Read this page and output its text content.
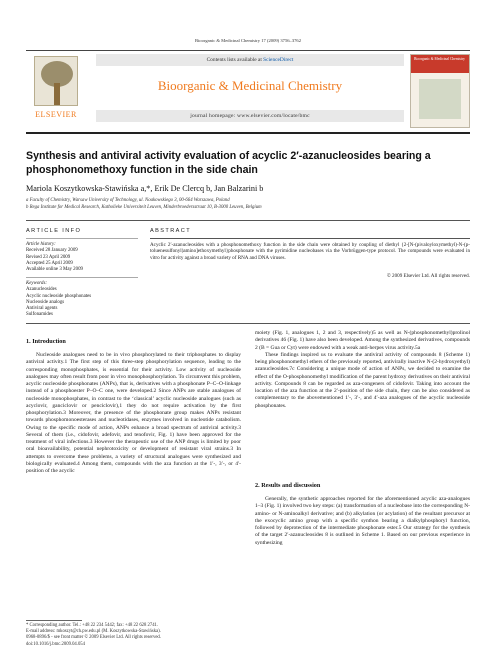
Bioorganic & Medicinal Chemistry 17 (2009) 3756–3762
ELSEVIER
Contents lists available at ScienceDirect
Bioorganic & Medicinal Chemistry
journal homepage: www.elsevier.com/locate/bmc
Bioorganic & Medicinal Chemistry
Synthesis and antiviral activity evaluation of acyclic 2′-azanucleosides bearing a phosphonomethoxy function in the side chain
Mariola Koszytkowska-Stawińska a,*, Erik De Clercq b, Jan Balzarini b
a Faculty of Chemistry, Warsaw University of Technology, ul. Noakowskiego 3, 00-664 Warszawa, Poland
b Rega Institute for Medical Research, Katholieke Universiteit Leuven, Minderbroedersstraat 10, B-3000 Leuven, Belgium
ARTICLE INFO	ABSTRACT
Article history:
Received 28 January 2009
Revised 23 April 2009
Accepted 25 April 2009
Available online 3 May 2009
Keywords:
Azanucleosides
Acyclic nucleoside phosphonates
Nucleoside analogs
Antiviral agents
Sulfonamides
Acyclic 2′-azanucleosides with a phosphonomethoxy function in the side chain were obtained by coupling of diethyl {2-[N-(pivaloyloxymethyl)-N-(p-toluenesulfonyl)amino]ethoxymethyl}phosphonate with the pyrimidine nucleobases via the Vorbrüggen-type protocol. The compounds were evaluated in vitro for activity against a broad variety of RNA and DNA viruses.
© 2009 Elsevier Ltd. All rights reserved.
1. Introduction

Nucleoside analogues need to be in vivo phosphorylated to their triphosphates to display antiviral activity.1 The first step of this three-step phosphorylation sequence, leading to the corresponding monophosphates, is essential for their activity. Low activity of nucleoside analogues may often result from poor in vivo monophosphorylation. To circumvent this problem, acyclic nucleoside phosphonates (ANPs), that is, derivatives with a phosphonate P–C–O-linkage instead of a phosphoester P–O–C one, were developed.2 Since ANPs are stable analogues of nucleoside monophosphates, in contrast to the ‘classical’ acyclic nucleoside analogues (such as acyclovir, ganciclovir or penciclovir),1 they do not require activation by the first phosphorylation.3 Moreover, the presence of the phosphonate group makes ANPs resistant towards phosphomonoesterases and nucleotidases, enzymes involved in nucleotide catabolism. Owing to the specific mode of action, ANPs enhance a broad spectrum of antiviral activity.3 Several of them (i.e., cidofovir, adefovir, and tenofovir, Fig. 1) have been approved for the treatment of viral infections.3 However the therapeutic use of the ANP drugs is limited by poor oral bioavailability, potential nephrotoxicity or development of resistant viral strains.3 In attempts to overcome these problems, a variety of structural analogues were synthesized and biologically evaluated.4 Among them, compounds with the aza function at the 1′-, 3′-, or 4′-position of the acyclic

moiety (Fig. 1, analogues 1, 2 and 3, respectively)5 as well as N-(phosphonomethyl)prolinol derivatives 46 (Fig. 1) have also been developed. Among the synthesized derivatives, compounds 2 (B = Gua or Cyt) were endowed with a weak anti-herpes virus activity.5a

These findings inspired us to evaluate the antiviral activity of compounds 8 (Scheme 1) being phosphonomethyl ethers of the previously reported, antivirally inactive N-(2-hydroxyethyl) azanucleosides.7c Considering a unique mode of action of ANPs, we decided to examine the effect of the O-phosphonomethyl modification of the parent hydroxy derivatives on their antiviral activity. Compounds 8 can be regarded as aza-congeners of cidofovir. Taking into account the location of the aza function at the 2′-position of the side chain, they can be also considered as complementary to the abovementioned 1′-, 3′-, and 4′-aza analogues of the acyclic nucleoside phosphonates.

2. Results and discussion

Generally, the synthetic approaches reported for the aforementioned acyclic aza-analogues 1–3 (Fig. 1) involved two key steps: (a) transformation of a nucleobase into the corresponding N-amino- or N-aminoalkyl derivative; and (b) alkylation (or acylation) of the resultant precursor at the exocyclic amino group with a specific synthon bearing a dialkylphosphoryl function, followed by deprotection of the intermediate phosphonate ester.5 Our strategy for the synthesis of the target 2′-azanucleosides 8 is outlined in Scheme 1. Based on our previous experience in synthesizing

* Corresponding author. Tel.: +48 22 234 5442; fax: +48 22 628 2741.
E-mail address: mkoszyt@ch.pw.edu.pl (M. Koszytkowska-Stawińska).
0968-0896/$ - see front matter © 2009 Elsevier Ltd. All rights reserved.
doi:10.1016/j.bmc.2009.04.054
